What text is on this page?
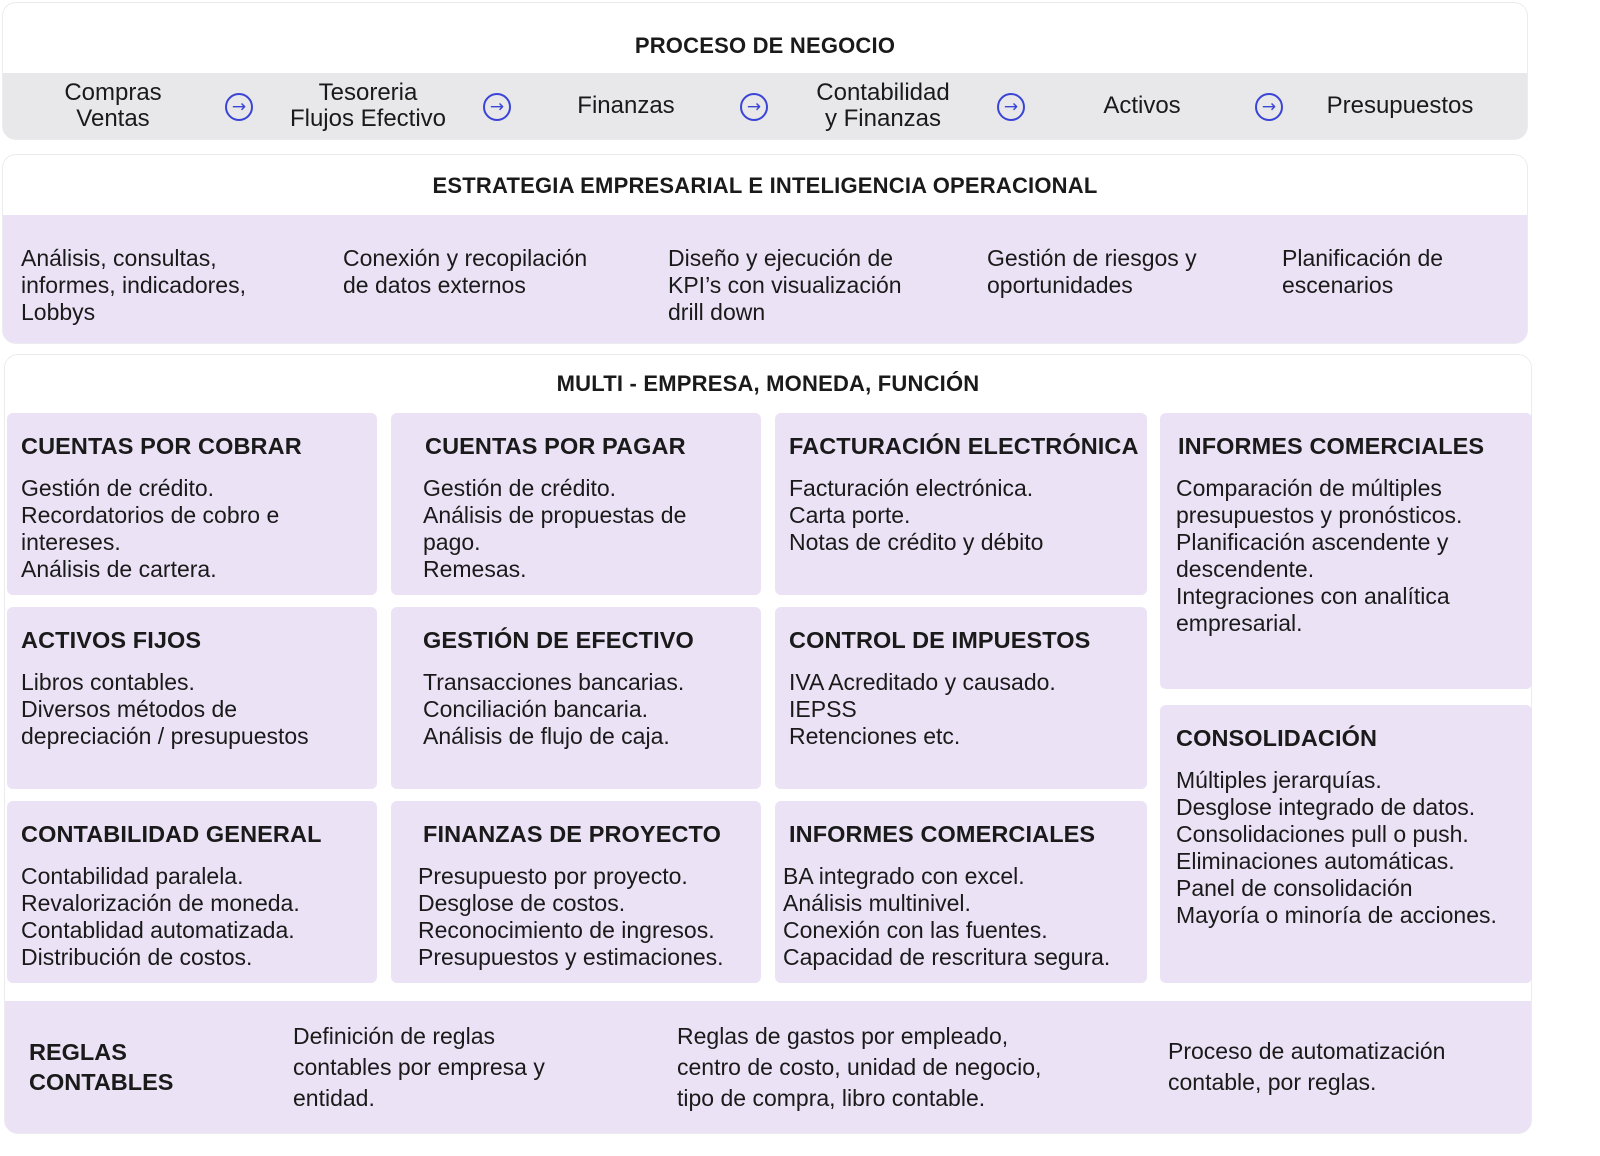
PROCESO DE NEGOCIO
Compras
Ventas	→
Tesoreria
Flujos Efectivo	→	Finanzas	→
Contabilidad
y Finanzas	→	Activos	→	Presupuestos
ESTRATEGIA EMPRESARIAL E INTELIGENCIA OPERACIONAL
Análisis, consultas,
informes, indicadores,
Lobbys
Conexión y recopilación
de datos externos
Diseño y ejecución de
KPI’s con visualización
drill down
Gestión de riesgos y
oportunidades
Planificación de
escenarios
MULTI - EMPRESA, MONEDA, FUNCIÓN
CUENTAS POR COBRAR
Gestión de crédito.
Recordatorios de cobro e
intereses.
Análisis de cartera.
CUENTAS POR PAGAR
Gestión de crédito.
Análisis de propuestas de
pago.
Remesas.
FACTURACIÓN ELECTRÓNICA
Facturación electrónica.
Carta porte.
Notas de crédito y débito
INFORMES COMERCIALES
Comparación de múltiples
presupuestos y pronósticos.
Planificación ascendente y
descendente.
Integraciones con analítica
empresarial.
ACTIVOS FIJOS
Libros contables.
Diversos métodos de
depreciación / presupuestos
GESTIÓN DE EFECTIVO
Transacciones bancarias.
Conciliación bancaria.
Análisis de flujo de caja.
CONTROL DE IMPUESTOS
IVA Acreditado y causado.
IEPSS
Retenciones etc.	CONSOLIDACIÓN
Múltiples jerarquías.
Desglose integrado de datos.
Consolidaciones pull o push.
Eliminaciones automáticas.
Panel de consolidación
Mayoría o minoría de acciones.
CONTABILIDAD GENERAL
Contabilidad paralela.
Revalorización de moneda.
Contablidad automatizada.
Distribución de costos.
FINANZAS DE PROYECTO
Presupuesto por proyecto.
Desglose de costos.
Reconocimiento de ingresos.
Presupuestos y estimaciones.
INFORMES COMERCIALES
BA integrado con excel.
Análisis multinivel.
Conexión con las fuentes.
Capacidad de rescritura segura.
REGLAS
CONTABLES
Definición de reglas
contables por empresa y
entidad.
Reglas de gastos por empleado,
centro de costo, unidad de negocio,
tipo de compra, libro contable.
Proceso de automatización
contable, por reglas.
